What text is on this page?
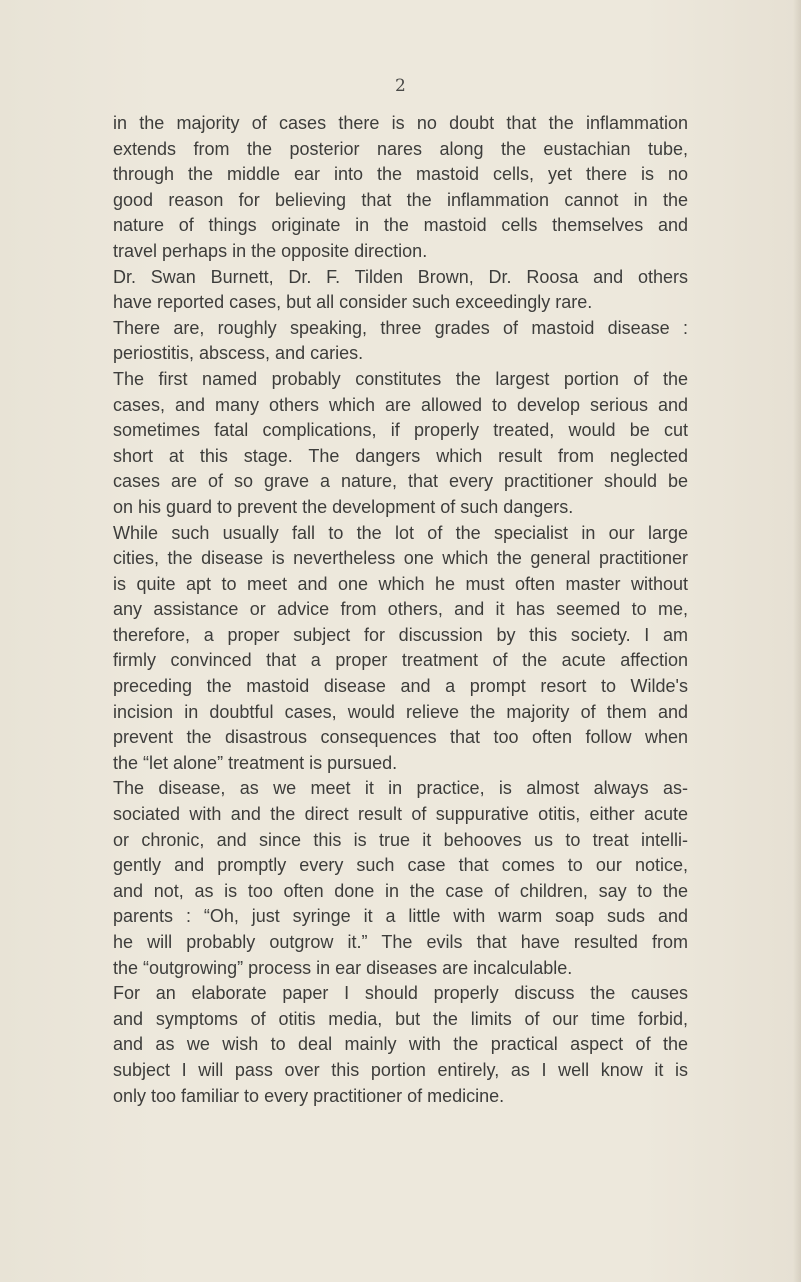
2
in the majority of cases there is no doubt that the inflammation
extends from the posterior nares along the eustachian tube,
through the middle ear into the mastoid cells, yet there is no
good reason for believing that the inflammation cannot in the
nature of things originate in the mastoid cells themselves and
travel perhaps in the opposite direction.
Dr. Swan Burnett, Dr. F. Tilden Brown, Dr. Roosa and others
have reported cases, but all consider such exceedingly rare.
There are, roughly speaking, three grades of mastoid disease :
periostitis, abscess, and caries.
The first named probably constitutes the largest portion of the
cases, and many others which are allowed to develop serious and
sometimes fatal complications, if properly treated, would be cut
short at this stage. The dangers which result from neglected
cases are of so grave a nature, that every practitioner should be
on his guard to prevent the development of such dangers.
While such usually fall to the lot of the specialist in our large
cities, the disease is nevertheless one which the general practitioner
is quite apt to meet and one which he must often master without
any assistance or advice from others, and it has seemed to me,
therefore, a proper subject for discussion by this society. I am
firmly convinced that a proper treatment of the acute affection
preceding the mastoid disease and a prompt resort to Wilde's
incision in doubtful cases, would relieve the majority of them and
prevent the disastrous consequences that too often follow when
the “let alone” treatment is pursued.
The disease, as we meet it in practice, is almost always as-
sociated with and the direct result of suppurative otitis, either acute
or chronic, and since this is true it behooves us to treat intelli-
gently and promptly every such case that comes to our notice,
and not, as is too often done in the case of children, say to the
parents : “Oh, just syringe it a little with warm soap suds and
he will probably outgrow it.” The evils that have resulted from
the “outgrowing” process in ear diseases are incalculable.
For an elaborate paper I should properly discuss the causes
and symptoms of otitis media, but the limits of our time forbid,
and as we wish to deal mainly with the practical aspect of the
subject I will pass over this portion entirely, as I well know it is
only too familiar to every practitioner of medicine.
